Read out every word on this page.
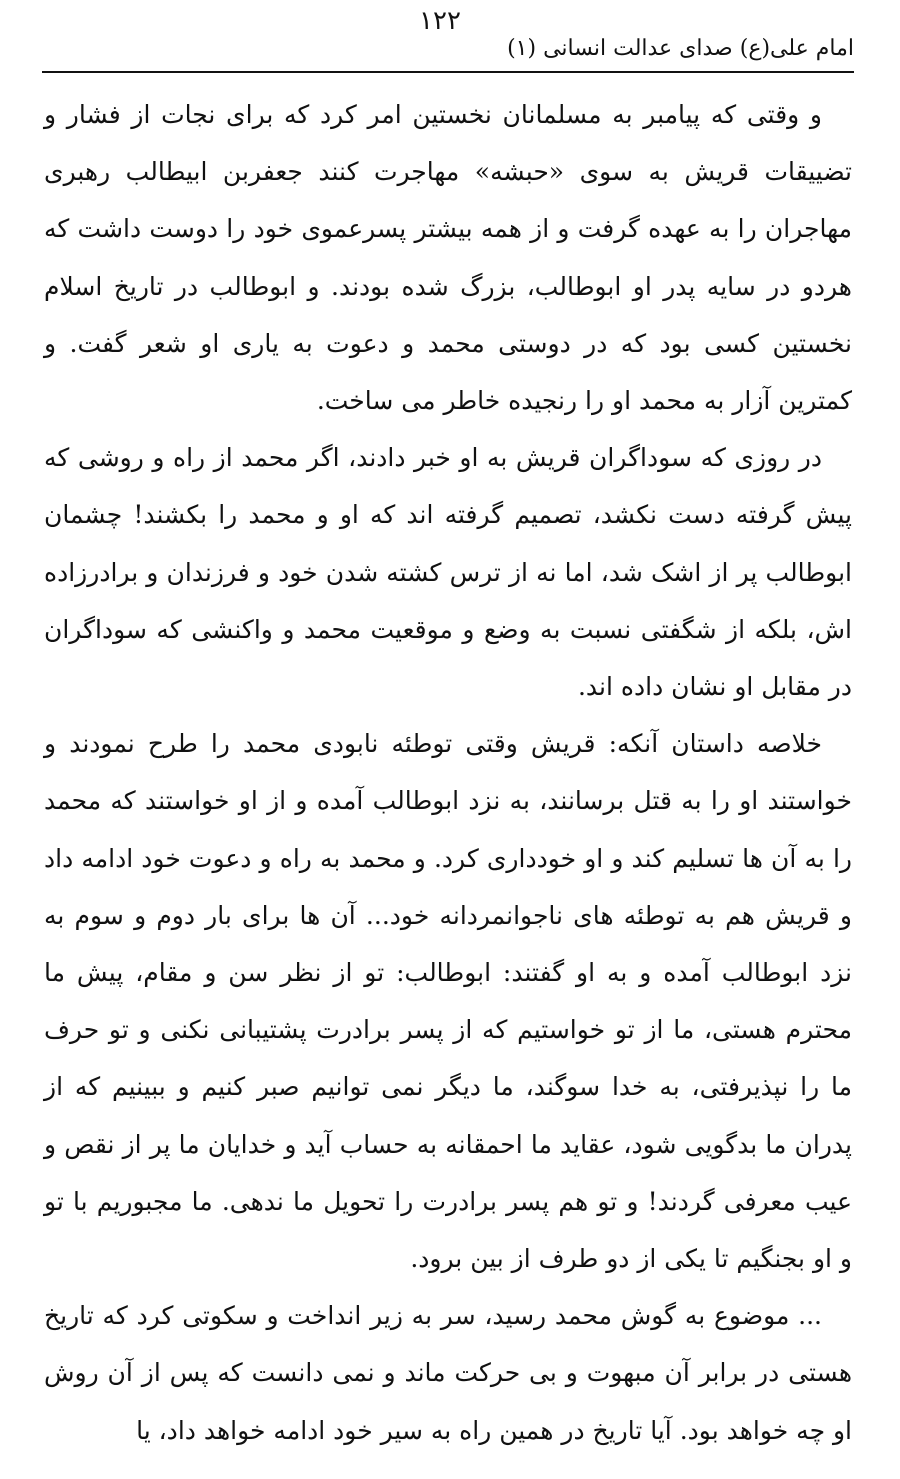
امام علی(ع) صدای عدالت انسانی (۱)
۱۲۲

و وقتی که پیامبر به مسلمانان نخستین امر کرد که برای نجات از فشار و تضییقات قریش به سوی «حبشه» مهاجرت کنند جعفربن ابیطالب رهبری مهاجران را به عهده گرفت و از همه بیشتر پسرعموی خود را دوست داشت که هردو در سایه پدر او ابوطالب، بزرگ شده بودند. و ابوطالب در تاریخ اسلام نخستین کسی بود که در دوستی محمد و دعوت به یاری او شعر گفت. و کمترین آزار به محمد او را رنجیده خاطر می ساخت.

در روزی که سوداگران قریش به او خبر دادند، اگر محمد از راه و روشی که پیش گرفته دست نکشد، تصمیم گرفته اند که او و محمد را بکشند! چشمان ابوطالب پر از اشک شد، اما نه از ترس کشته شدن خود و فرزندان و برادرزاده اش، بلکه از شگفتی نسبت به وضع و موقعیت محمد و واکنشی که سوداگران در مقابل او نشان داده اند.

خلاصه داستان آنکه: قریش وقتی توطئه نابودی محمد را طرح نمودند و خواستند او را به قتل برسانند، به نزد ابوطالب آمده و از او خواستند که محمد را به آن ها تسلیم کند و او خودداری کرد. و محمد به راه و دعوت خود ادامه داد و قریش هم به توطئه های ناجوانمردانه خود... آن ها برای بار دوم و سوم به نزد ابوطالب آمده و به او گفتند: ابوطالب: تو از نظر سن و مقام، پیش ما محترم هستی، ما از تو خواستیم که از پسر برادرت پشتیبانی نکنی و تو حرف ما را نپذیرفتی، به خدا سوگند، ما دیگر نمی توانیم صبر کنیم و ببینیم که از پدران ما بدگویی شود، عقاید ما احمقانه به حساب آید و خدایان ما پر از نقص و عیب معرفی گردند! و تو هم پسر برادرت را تحویل ما ندهی. ما مجبوریم با تو و او بجنگیم تا یکی از دو طرف از بین برود.

... موضوع به گوش محمد رسید، سر به زیر انداخت و سکوتی کرد که تاریخ هستی در برابر آن مبهوت و بی حرکت ماند و نمی دانست که پس از آن روش او چه خواهد بود. آیا تاریخ در همین راه به سیر خود ادامه خواهد داد، یا
